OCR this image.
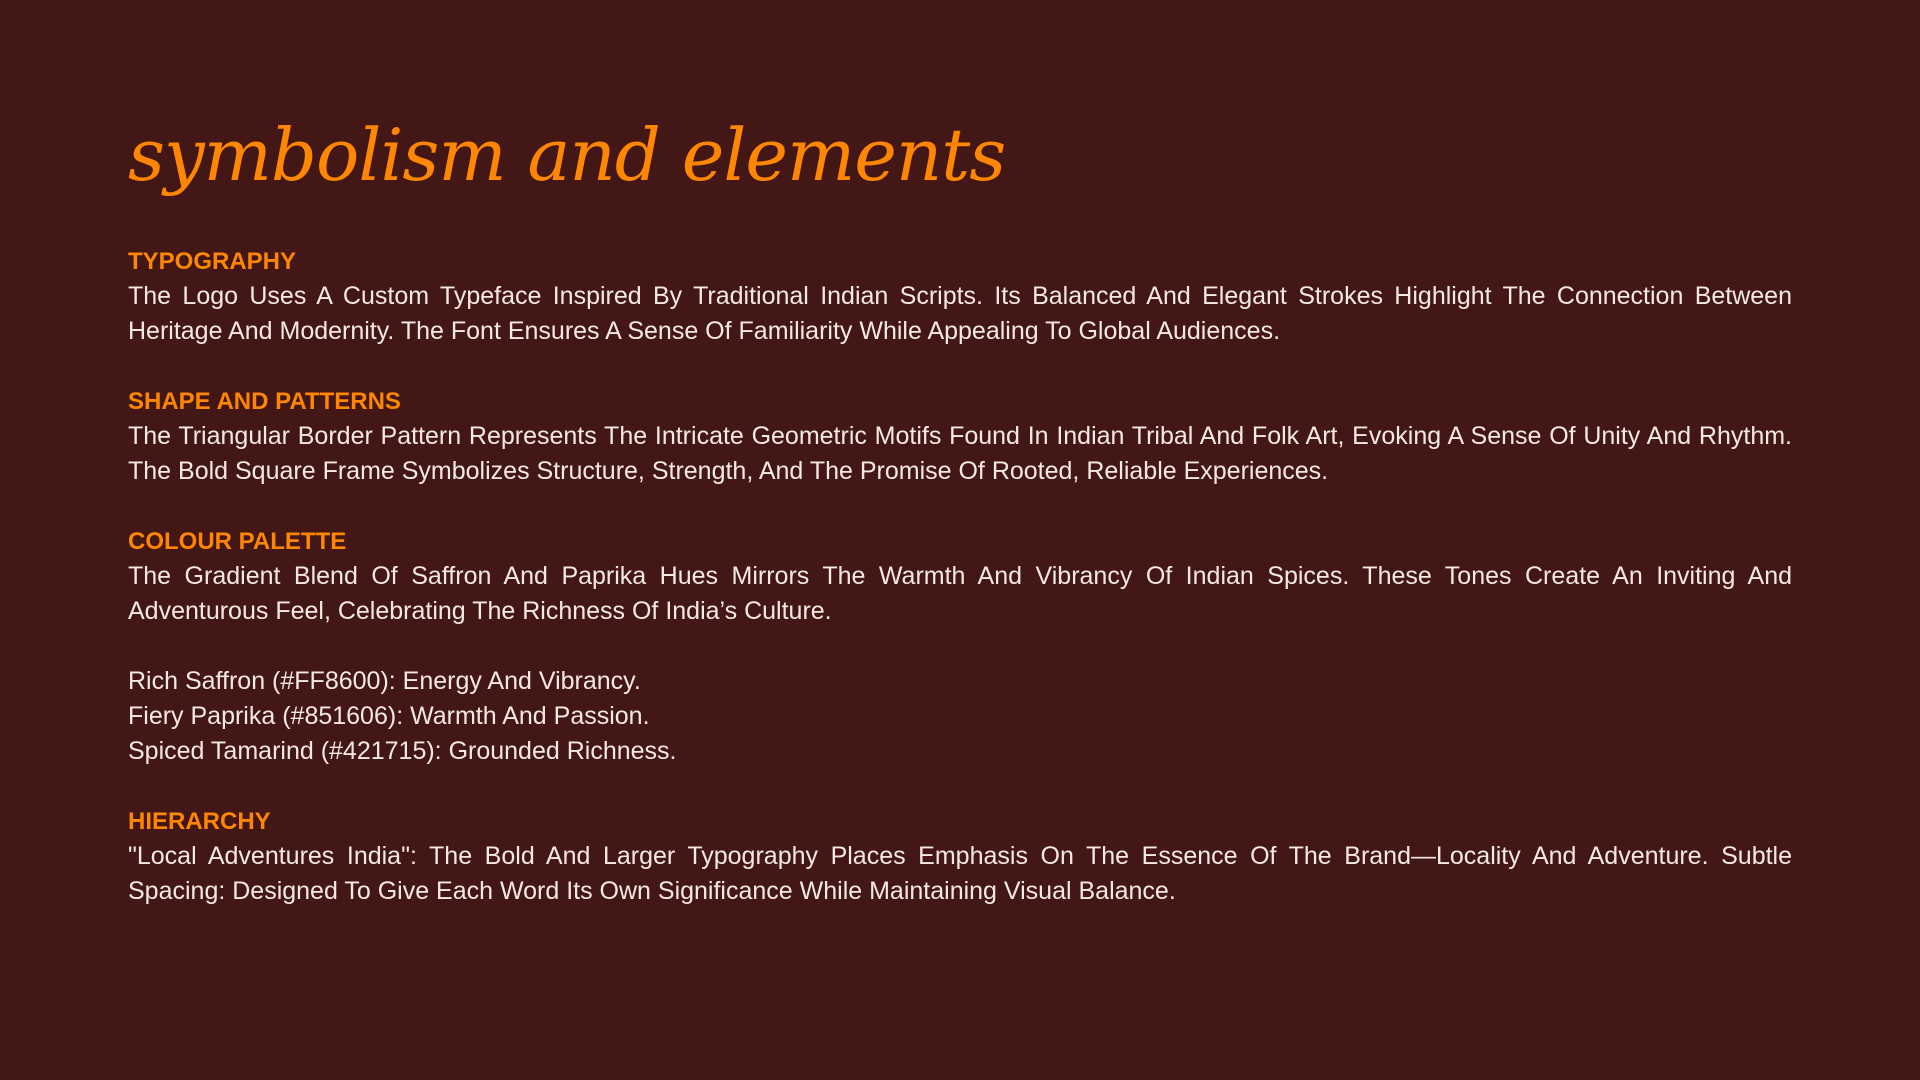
symbolism and elements
TYPOGRAPHY

The Logo Uses A Custom Typeface Inspired By Traditional Indian Scripts. Its Balanced And Elegant Strokes Highlight The Connection Between Heritage And Modernity. The Font Ensures A Sense Of Familiarity While Appealing To Global Audiences.

SHAPE AND PATTERNS

The Triangular Border Pattern Represents The Intricate Geometric Motifs Found In Indian Tribal And Folk Art, Evoking A Sense Of Unity And Rhythm. The Bold Square Frame Symbolizes Structure, Strength, And The Promise Of Rooted, Reliable Experiences.

COLOUR PALETTE

The Gradient Blend Of Saffron And Paprika Hues Mirrors The Warmth And Vibrancy Of Indian Spices. These Tones Create An Inviting And Adventurous Feel, Celebrating The Richness Of India’s Culture.

Rich Saffron (#FF8600): Energy And Vibrancy.
Fiery Paprika (#851606): Warmth And Passion.
Spiced Tamarind (#421715): Grounded Richness.
HIERARCHY

"Local Adventures India": The Bold And Larger Typography Places Emphasis On The Essence Of The Brand—Locality And Adventure. Subtle Spacing: Designed To Give Each Word Its Own Significance While Maintaining Visual Balance.
